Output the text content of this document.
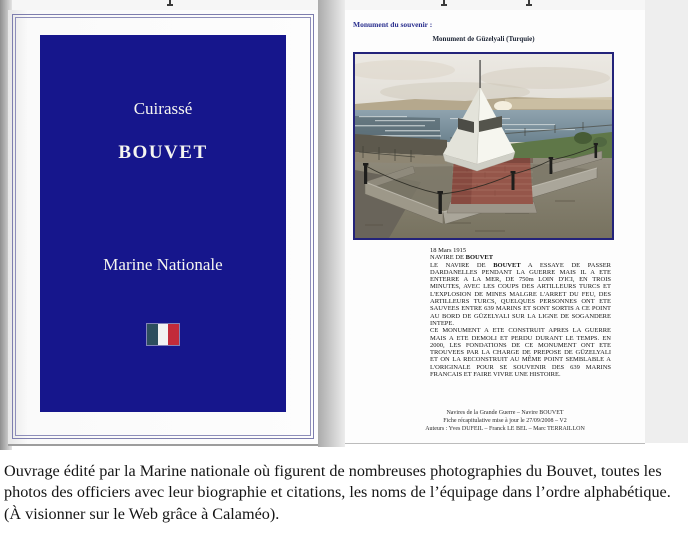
Cuirassé
BOUVET
Marine Nationale
Monument du souvenir :
Monument de Güzelyali (Turquie)
18 Mars 1915
NAVIRE DE BOUVET

LE NAVIRE DE BOUVET A ESSAYE DE PASSER DARDANELLES PENDANT LA GUERRE MAIS IL A ETE ENTERRE A LA MER, DE 750m LOIN D'ICI, EN TROIS MINUTES, AVEC LES COUPS DES ARTILLEURS TURCS ET L'EXPLOSION DE MINES MALGRE L'ARRET DU FEU, DES ARTILLEURS TURCS, QUELQUES PERSONNES ONT ETE SAUVEES ENTRE 639 MARINS ET SONT SORTIS A CE POINT AU BORD DE GÜZELYALI SUR LA LIGNE DE SOGANDERE INTEPE.

CE MONUMENT A ETE CONSTRUIT APRES LA GUERRE MAIS A ETE DEMOLI ET PERDU DURANT LE TEMPS. EN 2000, LES FONDATIONS DE CE MONUMENT ONT ETE TROUVEES PAR LA CHARGE DE PREPOSE DE GÜZELYALI ET ON LA RECONSTRUIT AU MÊME POINT SEMBLABLE A L'ORIGINALE POUR SE SOUVENIR DES 639 MARINS FRANCAIS ET FAIRE VIVRE UNE HISTOIRE.

Navires de la Grande Guerre – Navire BOUVET
Fiche récapitulative mise à jour le 27/09/2008 – V2
Auteurs : Yves DUFEIL – Franck LE BEL – Marc TERRAILLON
Ouvrage édité par la Marine nationale où figurent de nombreuses photographies du Bouvet, toutes les photos des officiers avec leur biographie et citations, les noms de l’équipage dans l’ordre alphabétique. (À visionner sur le Web grâce à Calaméo).
